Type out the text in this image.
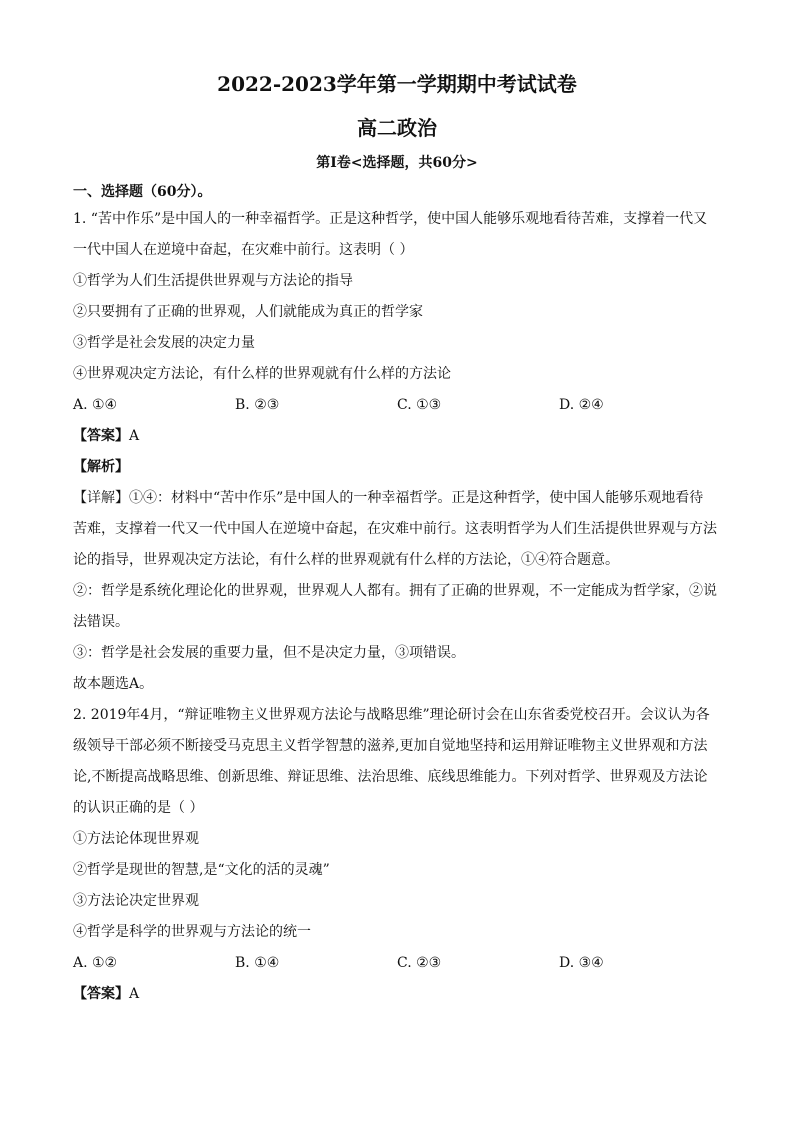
2022-2023学年第一学期期中考试试卷
高二政治
第I卷<选择题，共60分>
一、选择题（60分）。

1. “苦中作乐”是中国人的一种幸福哲学。正是这种哲学，使中国人能够乐观地看待苦难，支撑着一代又

一代中国人在逆境中奋起，在灾难中前行。这表明（ ）

①哲学为人们生活提供世界观与方法论的指导

②只要拥有了正确的世界观，人们就能成为真正的哲学家

③哲学是社会发展的决定力量

④世界观决定方法论，有什么样的世界观就有什么样的方法论

A. ①④	B. ②③	C. ①③	D. ②④

【答案】A

【解析】

【详解】①④：材料中“苦中作乐”是中国人的一种幸福哲学。正是这种哲学，使中国人能够乐观地看待

苦难，支撑着一代又一代中国人在逆境中奋起，在灾难中前行。这表明哲学为人们生活提供世界观与方法

论的指导，世界观决定方法论，有什么样的世界观就有什么样的方法论，①④符合题意。

②：哲学是系统化理论化的世界观，世界观人人都有。拥有了正确的世界观，不一定能成为哲学家，②说

法错误。

③：哲学是社会发展的重要力量，但不是决定力量，③项错误。

故本题选A。

2. 2019年4月，“辩证唯物主义世界观方法论与战略思维”理论研讨会在山东省委党校召开。会议认为各

级领导干部必须不断接受马克思主义哲学智慧的滋养,更加自觉地坚持和运用辩证唯物主义世界观和方法

论,不断提高战略思维、创新思维、辩证思维、法治思维、底线思维能力。下列对哲学、世界观及方法论

的认识正确的是（ ）

①方法论体现世界观

②哲学是现世的智慧,是“文化的活的灵魂”

③方法论决定世界观

④哲学是科学的世界观与方法论的统一

A. ①②	B. ①④	C. ②③	D. ③④

【答案】A
